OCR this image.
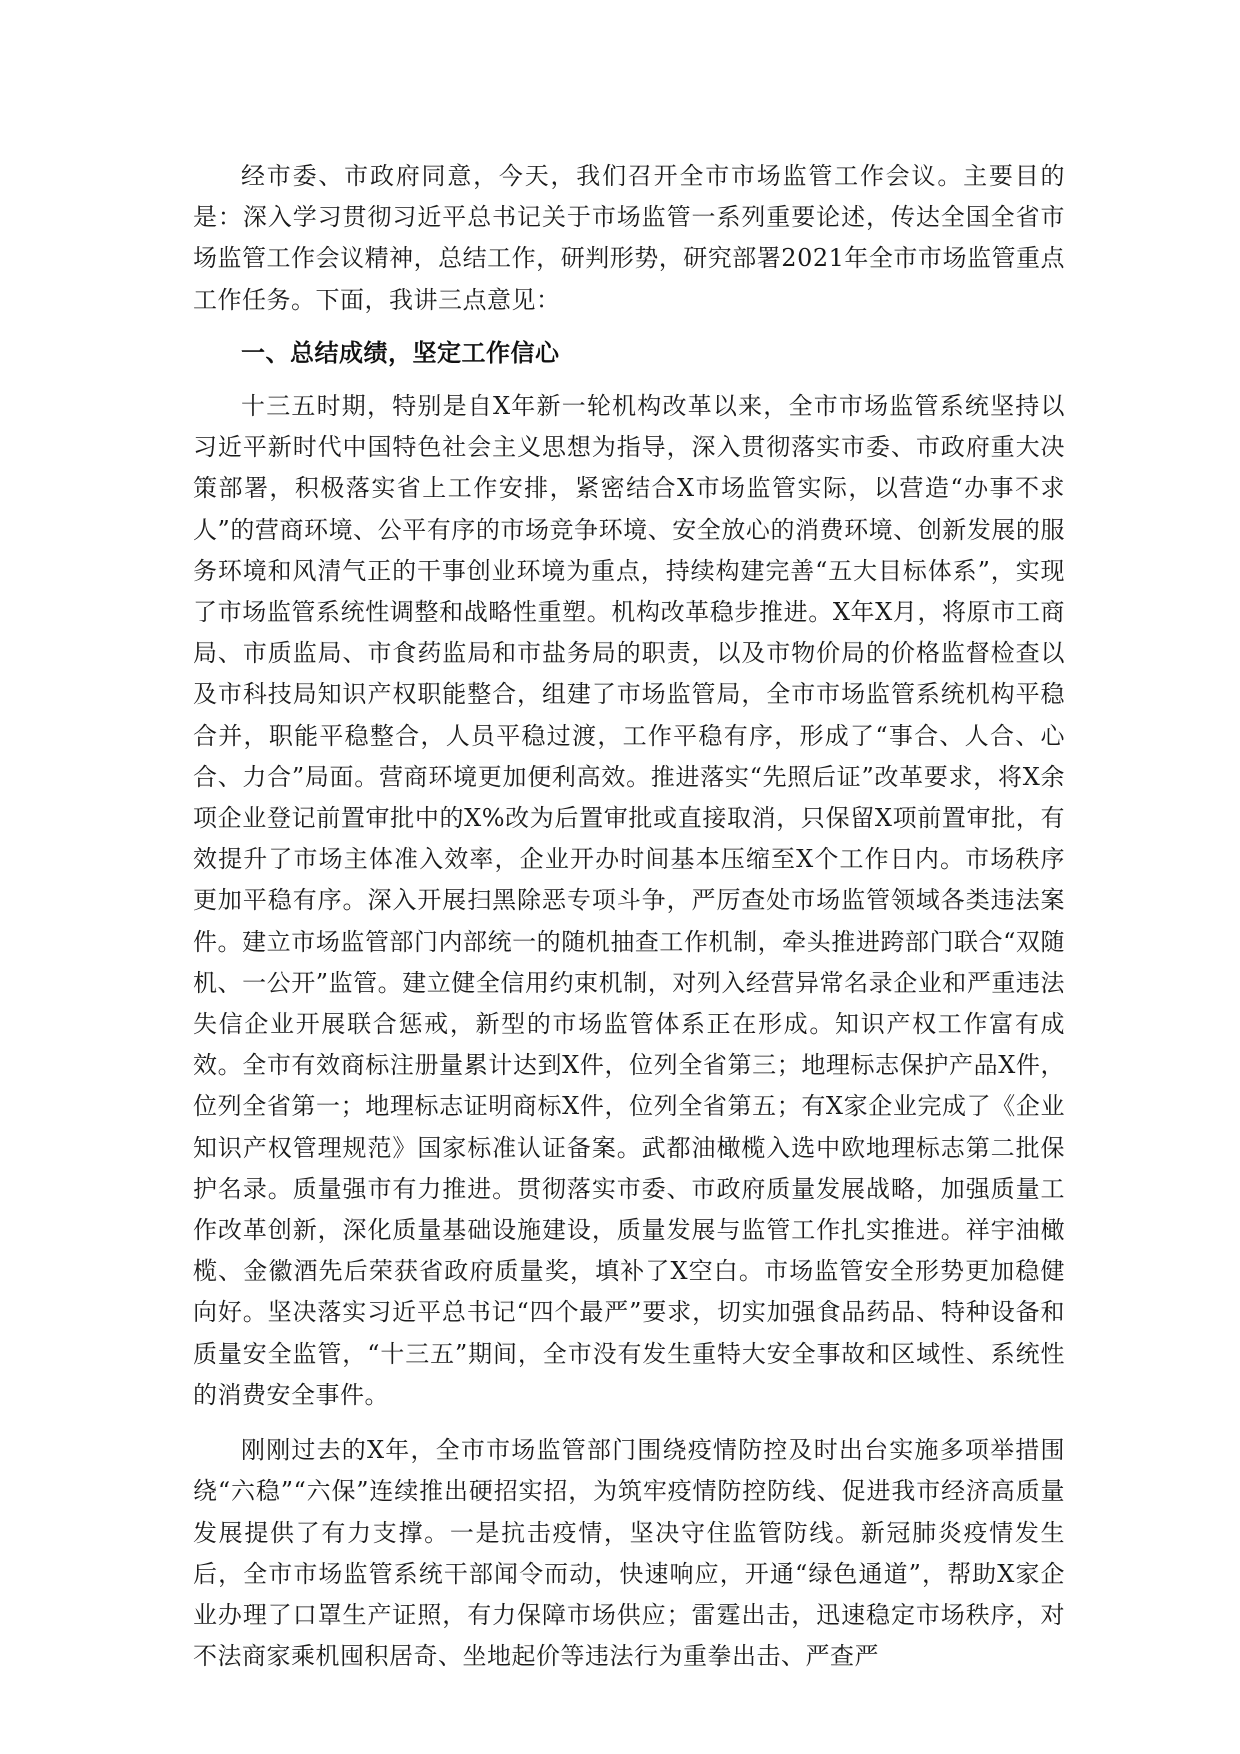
经市委、市政府同意，今天，我们召开全市市场监管工作会议。主要目的是：深入学习贯彻习近平总书记关于市场监管一系列重要论述，传达全国全省市场监管工作会议精神，总结工作，研判形势，研究部署2021年全市市场监管重点工作任务。下面，我讲三点意见：

一、总结成绩，坚定工作信心

十三五时期，特别是自X年新一轮机构改革以来，全市市场监管系统坚持以习近平新时代中国特色社会主义思想为指导，深入贯彻落实市委、市政府重大决策部署，积极落实省上工作安排，紧密结合X市场监管实际，以营造“办事不求人”的营商环境、公平有序的市场竞争环境、安全放心的消费环境、创新发展的服务环境和风清气正的干事创业环境为重点，持续构建完善“五大目标体系”，实现了市场监管系统性调整和战略性重塑。机构改革稳步推进。X年X月，将原市工商局、市质监局、市食药监局和市盐务局的职责，以及市物价局的价格监督检查以及市科技局知识产权职能整合，组建了市场监管局，全市市场监管系统机构平稳合并，职能平稳整合，人员平稳过渡，工作平稳有序，形成了“事合、人合、心合、力合”局面。营商环境更加便利高效。推进落实“先照后证”改革要求，将X余项企业登记前置审批中的X%改为后置审批或直接取消，只保留X项前置审批，有效提升了市场主体准入效率，企业开办时间基本压缩至X个工作日内。市场秩序更加平稳有序。深入开展扫黑除恶专项斗争，严厉查处市场监管领域各类违法案件。建立市场监管部门内部统一的随机抽查工作机制，牵头推进跨部门联合“双随机、一公开”监管。建立健全信用约束机制，对列入经营异常名录企业和严重违法失信企业开展联合惩戒，新型的市场监管体系正在形成。知识产权工作富有成效。全市有效商标注册量累计达到X件，位列全省第三；地理标志保护产品X件，位列全省第一；地理标志证明商标X件，位列全省第五；有X家企业完成了《企业知识产权管理规范》国家标准认证备案。武都油橄榄入选中欧地理标志第二批保护名录。质量强市有力推进。贯彻落实市委、市政府质量发展战略，加强质量工作改革创新，深化质量基础设施建设，质量发展与监管工作扎实推进。祥宇油橄榄、金徽酒先后荣获省政府质量奖，填补了X空白。市场监管安全形势更加稳健向好。坚决落实习近平总书记“四个最严”要求，切实加强食品药品、特种设备和质量安全监管，“十三五”期间，全市没有发生重特大安全事故和区域性、系统性的消费安全事件。

刚刚过去的X年，全市市场监管部门围绕疫情防控及时出台实施多项举措围绕“六稳”“六保”连续推出硬招实招，为筑牢疫情防控防线、促进我市经济高质量发展提供了有力支撑。一是抗击疫情，坚决守住监管防线。新冠肺炎疫情发生后，全市市场监管系统干部闻令而动，快速响应，开通“绿色通道”，帮助X家企业办理了口罩生产证照，有力保障市场供应；雷霆出击，迅速稳定市场秩序，对不法商家乘机囤积居奇、坐地起价等违法行为重拳出击、严查严
